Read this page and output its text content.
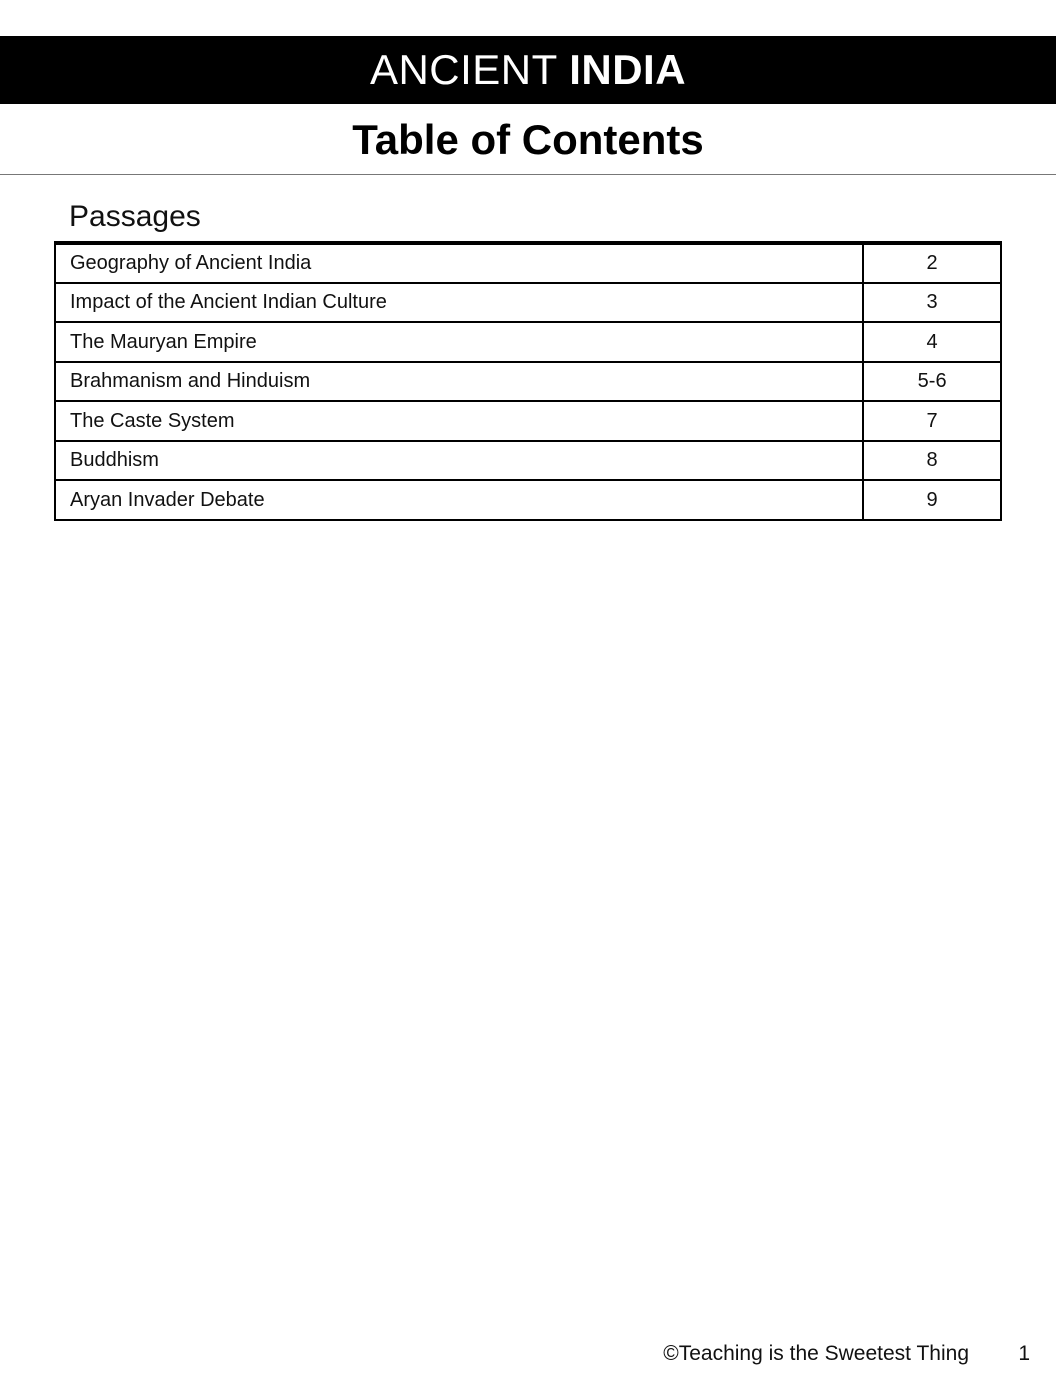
ANCIENT INDIA
Table of Contents
Passages
Geography of Ancient India	2
Impact of the Ancient Indian Culture	3
The Mauryan Empire	4
Brahmanism and Hinduism	5-6
The Caste System	7
Buddhism	8
Aryan Invader Debate	9
©Teaching is the Sweetest Thing 1
